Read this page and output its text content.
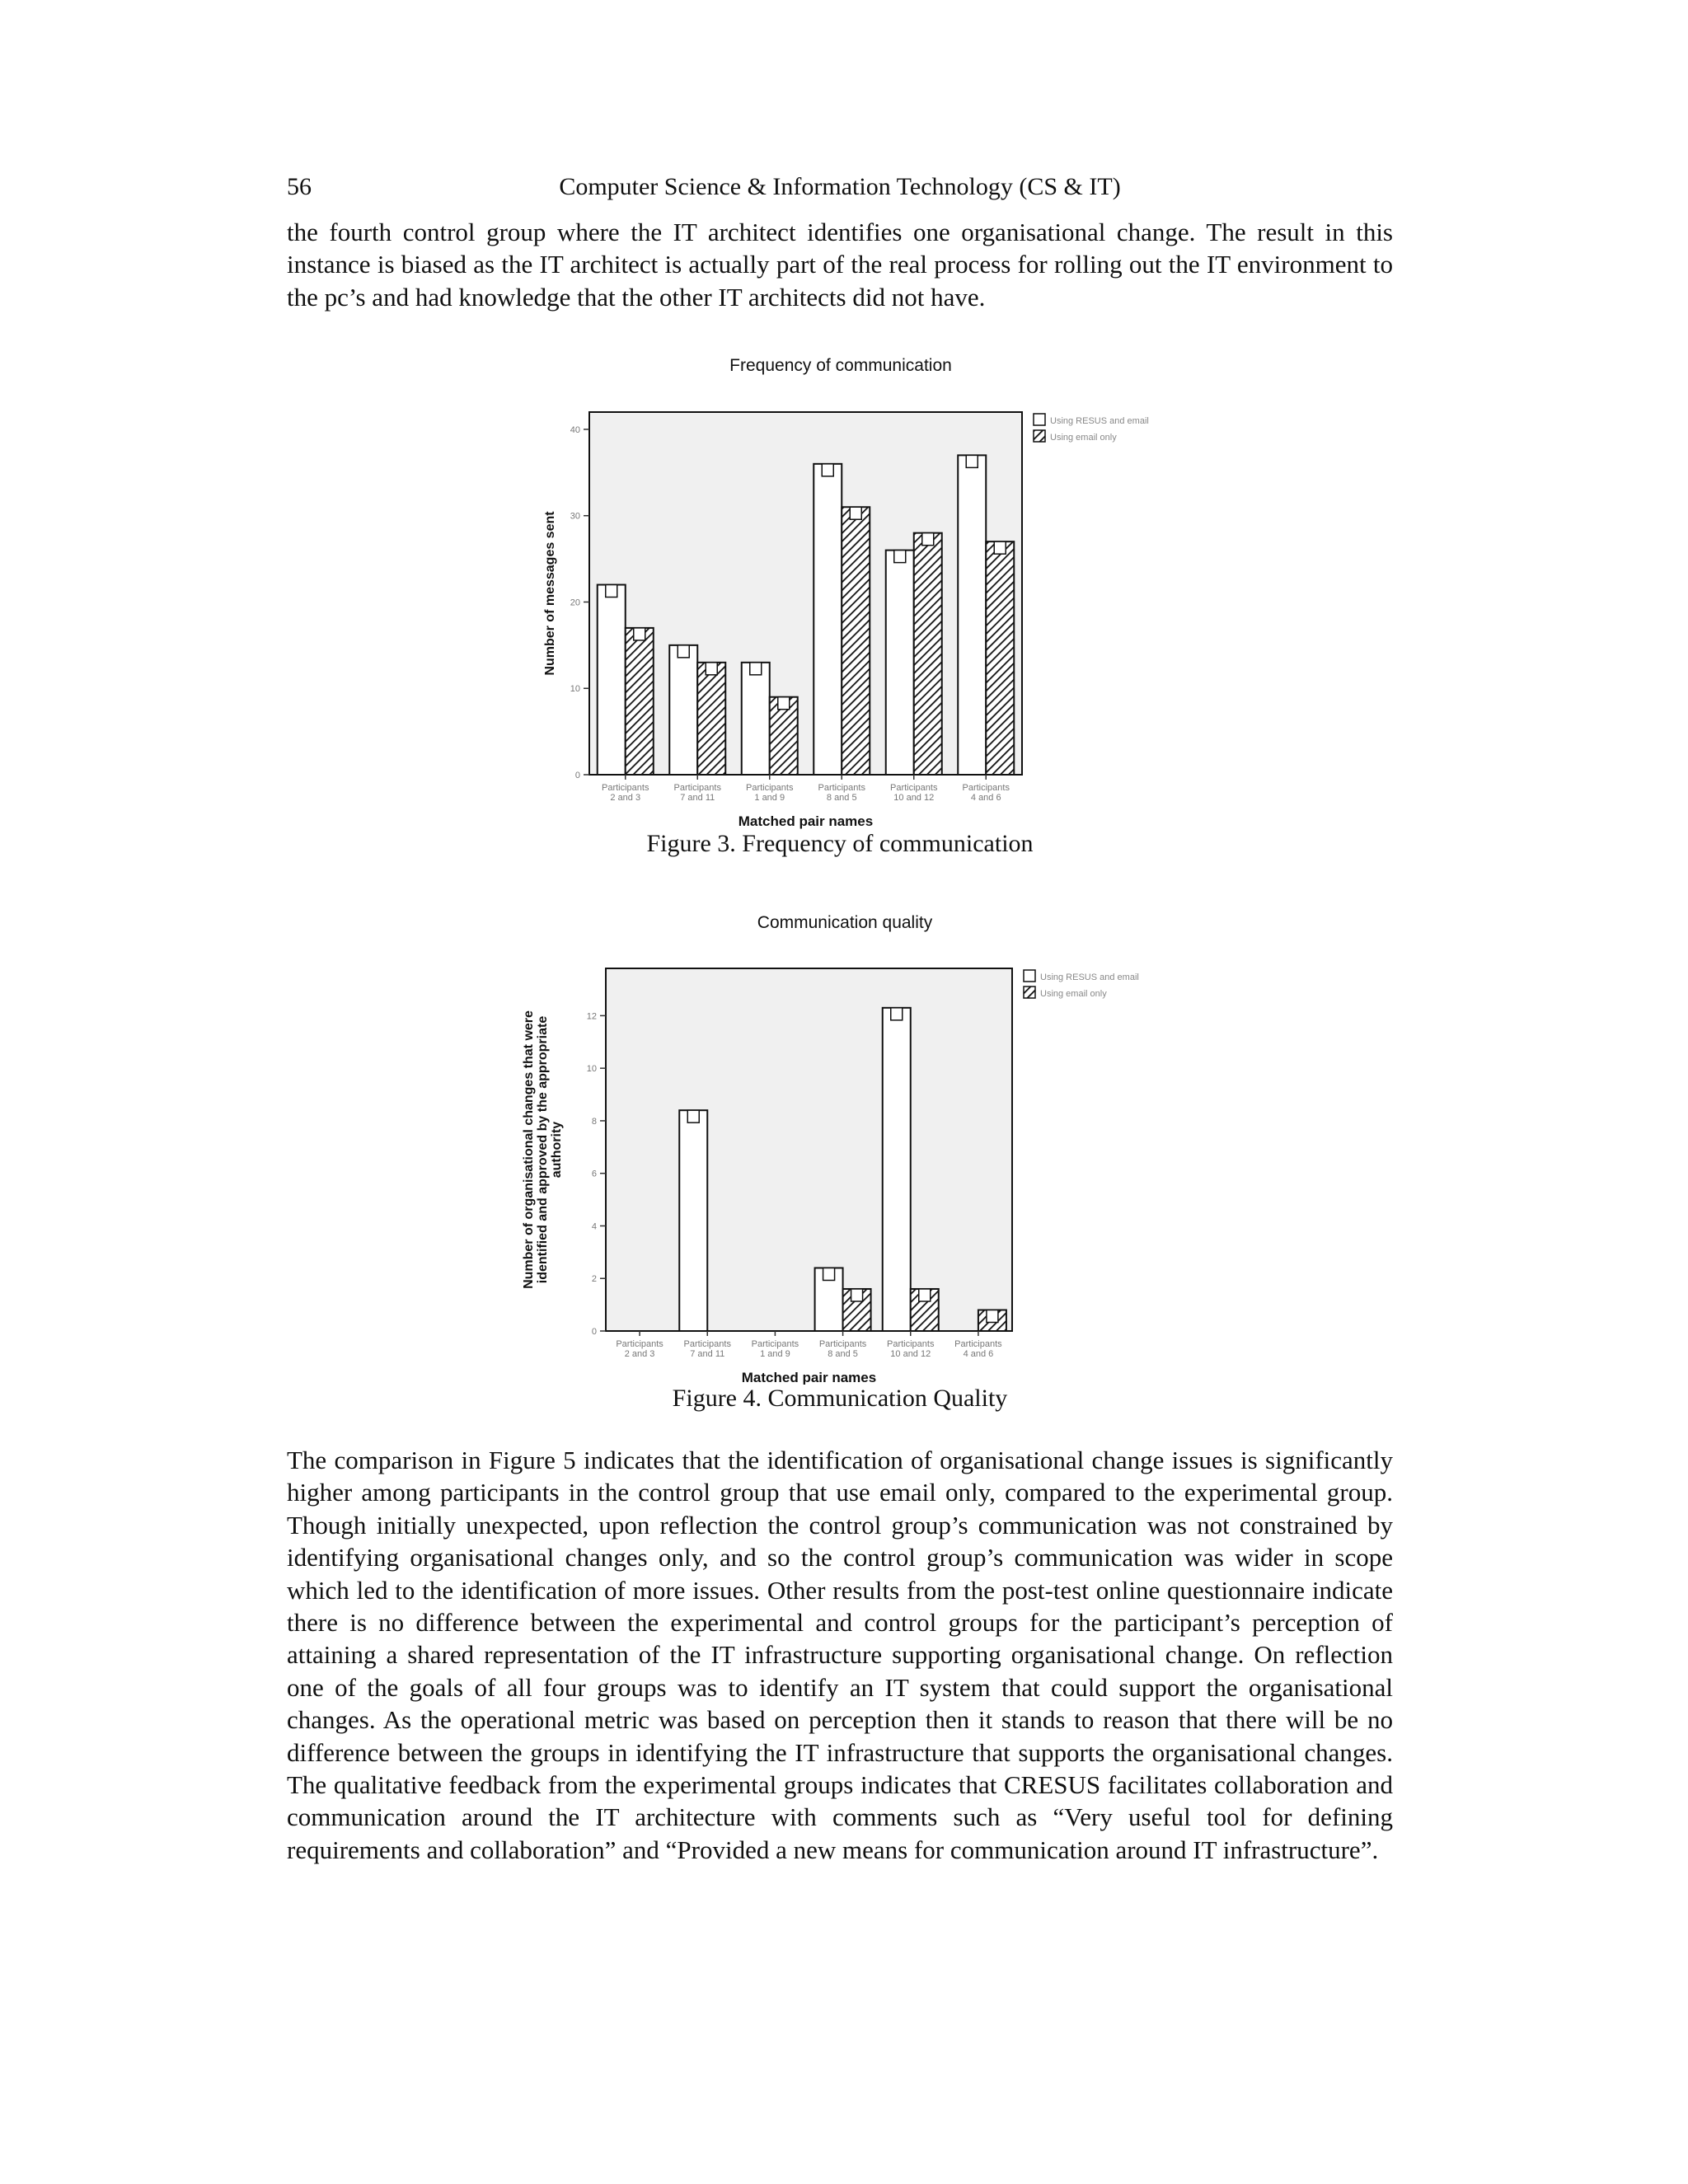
56	Computer Science & Information Technology (CS & IT)

the fourth control group where the IT architect identifies one organisational change. The result in this instance is biased as the IT architect is actually part of the real process for rolling out the IT environment to the pc’s and had knowledge that the other IT architects did not have.

Frequency of communication
0
10
20
30
40
Number of messages sent
Participants 2 and 3
Participants 7 and 11
Participants 1 and 9
Participants 8 and 5
Participants 10 and 12
Participants 4 and 6
Matched pair names
Using RESUS and email
Using email only
Figure 3. Frequency of communication
Communication quality
0
2
4
6
8
10
12
Number of organisational changes that wereidentified and approved by the appropriateauthority
Participants 2 and 3
Participants 7 and 11
Participants 1 and 9
Participants 8 and 5
Participants 10 and 12
Participants 4 and 6
Matched pair names
Using RESUS and email
Using email only
Figure 4. Communication Quality

The comparison in Figure 5 indicates that the identification of organisational change issues is significantly higher among participants in the control group that use email only, compared to the experimental group. Though initially unexpected, upon reflection the control group’s communication was not constrained by identifying organisational changes only, and so the control group’s communication was wider in scope which led to the identification of more issues. Other results from the post-test online questionnaire indicate there is no difference between the experimental and control groups for the participant’s perception of attaining a shared representation of the IT infrastructure supporting organisational change. On reflection one of the goals of all four groups was to identify an IT system that could support the organisational changes. As the operational metric was based on perception then it stands to reason that there will be no difference between the groups in identifying the IT infrastructure that supports the organisational changes. The qualitative feedback from the experimental groups indicates that CRESUS facilitates collaboration and communication around the IT architecture with comments such as “Very useful tool for defining requirements and collaboration” and “Provided a new means for communication around IT infrastructure”.
